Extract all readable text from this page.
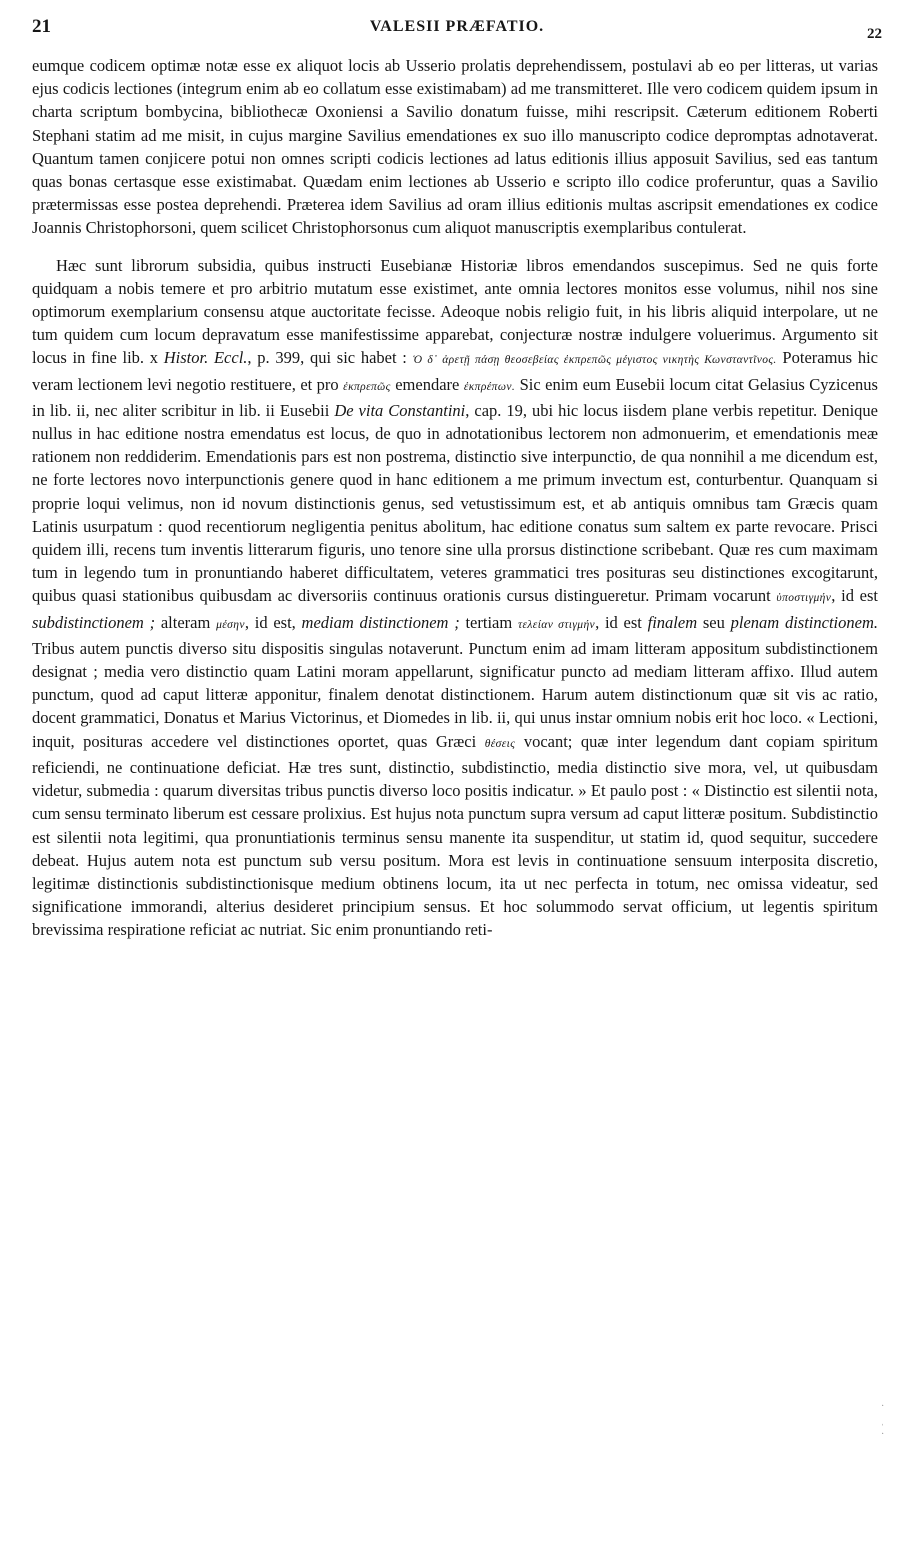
21	VALESII PRÆFATIO.	22

eumque codicem optimæ notæ esse ex aliquot locis ab Usserio prolatis deprehendissem, postulavi ab eo per litteras, ut varias ejus codicis lectiones (integrum enim ab eo collatum esse existimabam) ad me transmitteret. Ille vero codicem quidem ipsum in charta scriptum bombycina, bibliothecæ Oxoniensi a Savilio donatum fuisse, mihi rescripsit. Cæterum editionem Roberti Stephani statim ad me misit, in cujus margine Savilius emendationes ex suo illo manuscripto codice depromptas adnotaverat. Quantum tamen conjicere potui non omnes scripti codicis lectiones ad latus editionis illius apposuit Savilius, sed eas tantum quas bonas certasque esse existimabat. Quædam enim lectiones ab Usserio e scripto illo codice proferuntur, quas a Savilio prætermissas esse postea deprehendi. Præterea idem Savilius ad oram illius editionis multas ascripsit emendationes ex codice Joannis Christophorsoni, quem scilicet Christophorsonus cum aliquot manuscriptis exemplaribus contulerat.

Hæc sunt librorum subsidia, quibus instructi Eusebianæ Historiæ libros emendandos suscepimus. Sed ne quis forte quidquam a nobis temere et pro arbitrio mutatum esse existimet, ante omnia lectores monitos esse volumus, nihil nos sine optimorum exemplarium consensu atque auctoritate fecisse. Adeoque nobis religio fuit, in his libris aliquid interpolare, ut ne tum quidem cum locum depravatum esse manifestissime apparebat, conjecturæ nostræ indulgere voluerimus. Argumento sit locus in fine lib. x Histor. Eccl., p. 399, qui sic habet : Ὁ δ᾽ ἀρετῇ πάσῃ θεοσεβείας ἐκπρεπῶς μέγιστος νικητὴς Κωνσταντῖνος. Poteramus hic veram lectionem levi negotio restituere, et pro ἐκπρεπῶς emendare ἐκπρέπων. Sic enim eum Eusebii locum citat Gelasius Cyzicenus in lib. ii, nec aliter scribitur in lib. ii Eusebii De vita Constantini, cap. 19, ubi hic locus iisdem plane verbis repetitur. Denique nullus in hac editione nostra emendatus est locus, de quo in adnotationibus lectorem non admonuerim, et emendationis meæ rationem non reddiderim. Emendationis pars est non postrema, distinctio sive interpunctio, de qua nonnihil a me dicendum est, ne forte lectores novo interpunctionis genere quod in hanc editionem a me primum invectum est, conturbentur. Quanquam si proprie loqui velimus, non id novum distinctionis genus, sed vetustissimum est, et ab antiquis omnibus tam Græcis quam Latinis usurpatum : quod recentiorum negligentia penitus abolitum, hac editione conatus sum saltem ex parte revocare. Prisci quidem illi, recens tum inventis litterarum figuris, uno tenore sine ulla prorsus distinctione scribebant. Quæ res cum maximam tum in legendo tum in pronuntiando haberet difficultatem, veteres grammatici tres posituras seu distinctiones excogitarunt, quibus quasi stationibus quibusdam ac diversoriis continuus orationis cursus distingueretur. Primam vocarunt ὑποστιγμήν, id est subdistinctionem ; alteram μέσην, id est, mediam distinctionem ; tertiam τελείαν στιγμήν, id est finalem seu plenam distinctionem. Tribus autem punctis diverso situ dispositis singulas notaverunt. Punctum enim ad imam litteram appositum subdistinctionem designat ; media vero distinctio quam Latini moram appellarunt, significatur puncto ad mediam litteram affixo. Illud autem punctum, quod ad caput litteræ apponitur, finalem denotat distinctionem. Harum autem distinctionum quæ sit vis ac ratio, docent grammatici, Donatus et Marius Victorinus, et Diomedes in lib. ii, qui unus instar omnium nobis erit hoc loco. « Lectioni, inquit, posituras accedere vel distinctiones oportet, quas Græci θέσεις vocant; quæ inter legendum dant copiam spiritum reficiendi, ne continuatione deficiat. Hæ tres sunt, distinctio, subdistinctio, media distinctio sive mora, vel, ut quibusdam videtur, submedia : quarum diversitas tribus punctis diverso loco positis indicatur. » Et paulo post : « Distinctio est silentii nota, cum sensu terminato liberum est cessare prolixius. Est hujus nota punctum supra versum ad caput litteræ positum. Subdistinctio est silentii nota legitimi, qua pronuntiationis terminus sensu manente ita suspenditur, ut statim id, quod sequitur, succedere debeat. Hujus autem nota est punctum sub versu positum. Mora est levis in continuatione sensuum interposita discretio, legitimæ distinctionis subdistinctionisque medium obtinens locum, ita ut nec perfecta in totum, nec omissa videatur, sed significatione immorandi, alterius desideret principium sensus. Et hoc solummodo servat officium, ut legentis spiritum brevissima respiratione reficiat ac nutriat. Sic enim pronuntiando reti-

·
ˌ
·
